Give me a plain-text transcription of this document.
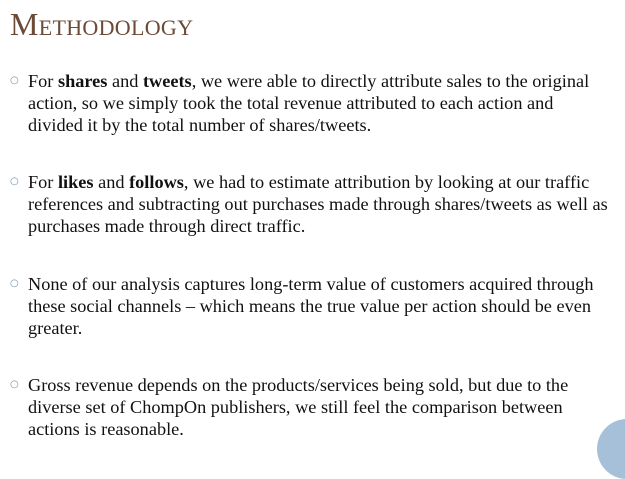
Methodology
○ For shares and tweets, we were able to directly attribute sales to the original action, so we simply took the total revenue attributed to each action and divided it by the total number of shares/tweets.
○ For likes and follows, we had to estimate attribution by looking at our traffic references and subtracting out purchases made through shares/tweets as well as purchases made through direct traffic.
○ None of our analysis captures long-term value of customers acquired through these social channels – which means the true value per action should be even greater.
○ Gross revenue depends on the products/services being sold, but due to the diverse set of ChompOn publishers, we still feel the comparison between actions is reasonable.
